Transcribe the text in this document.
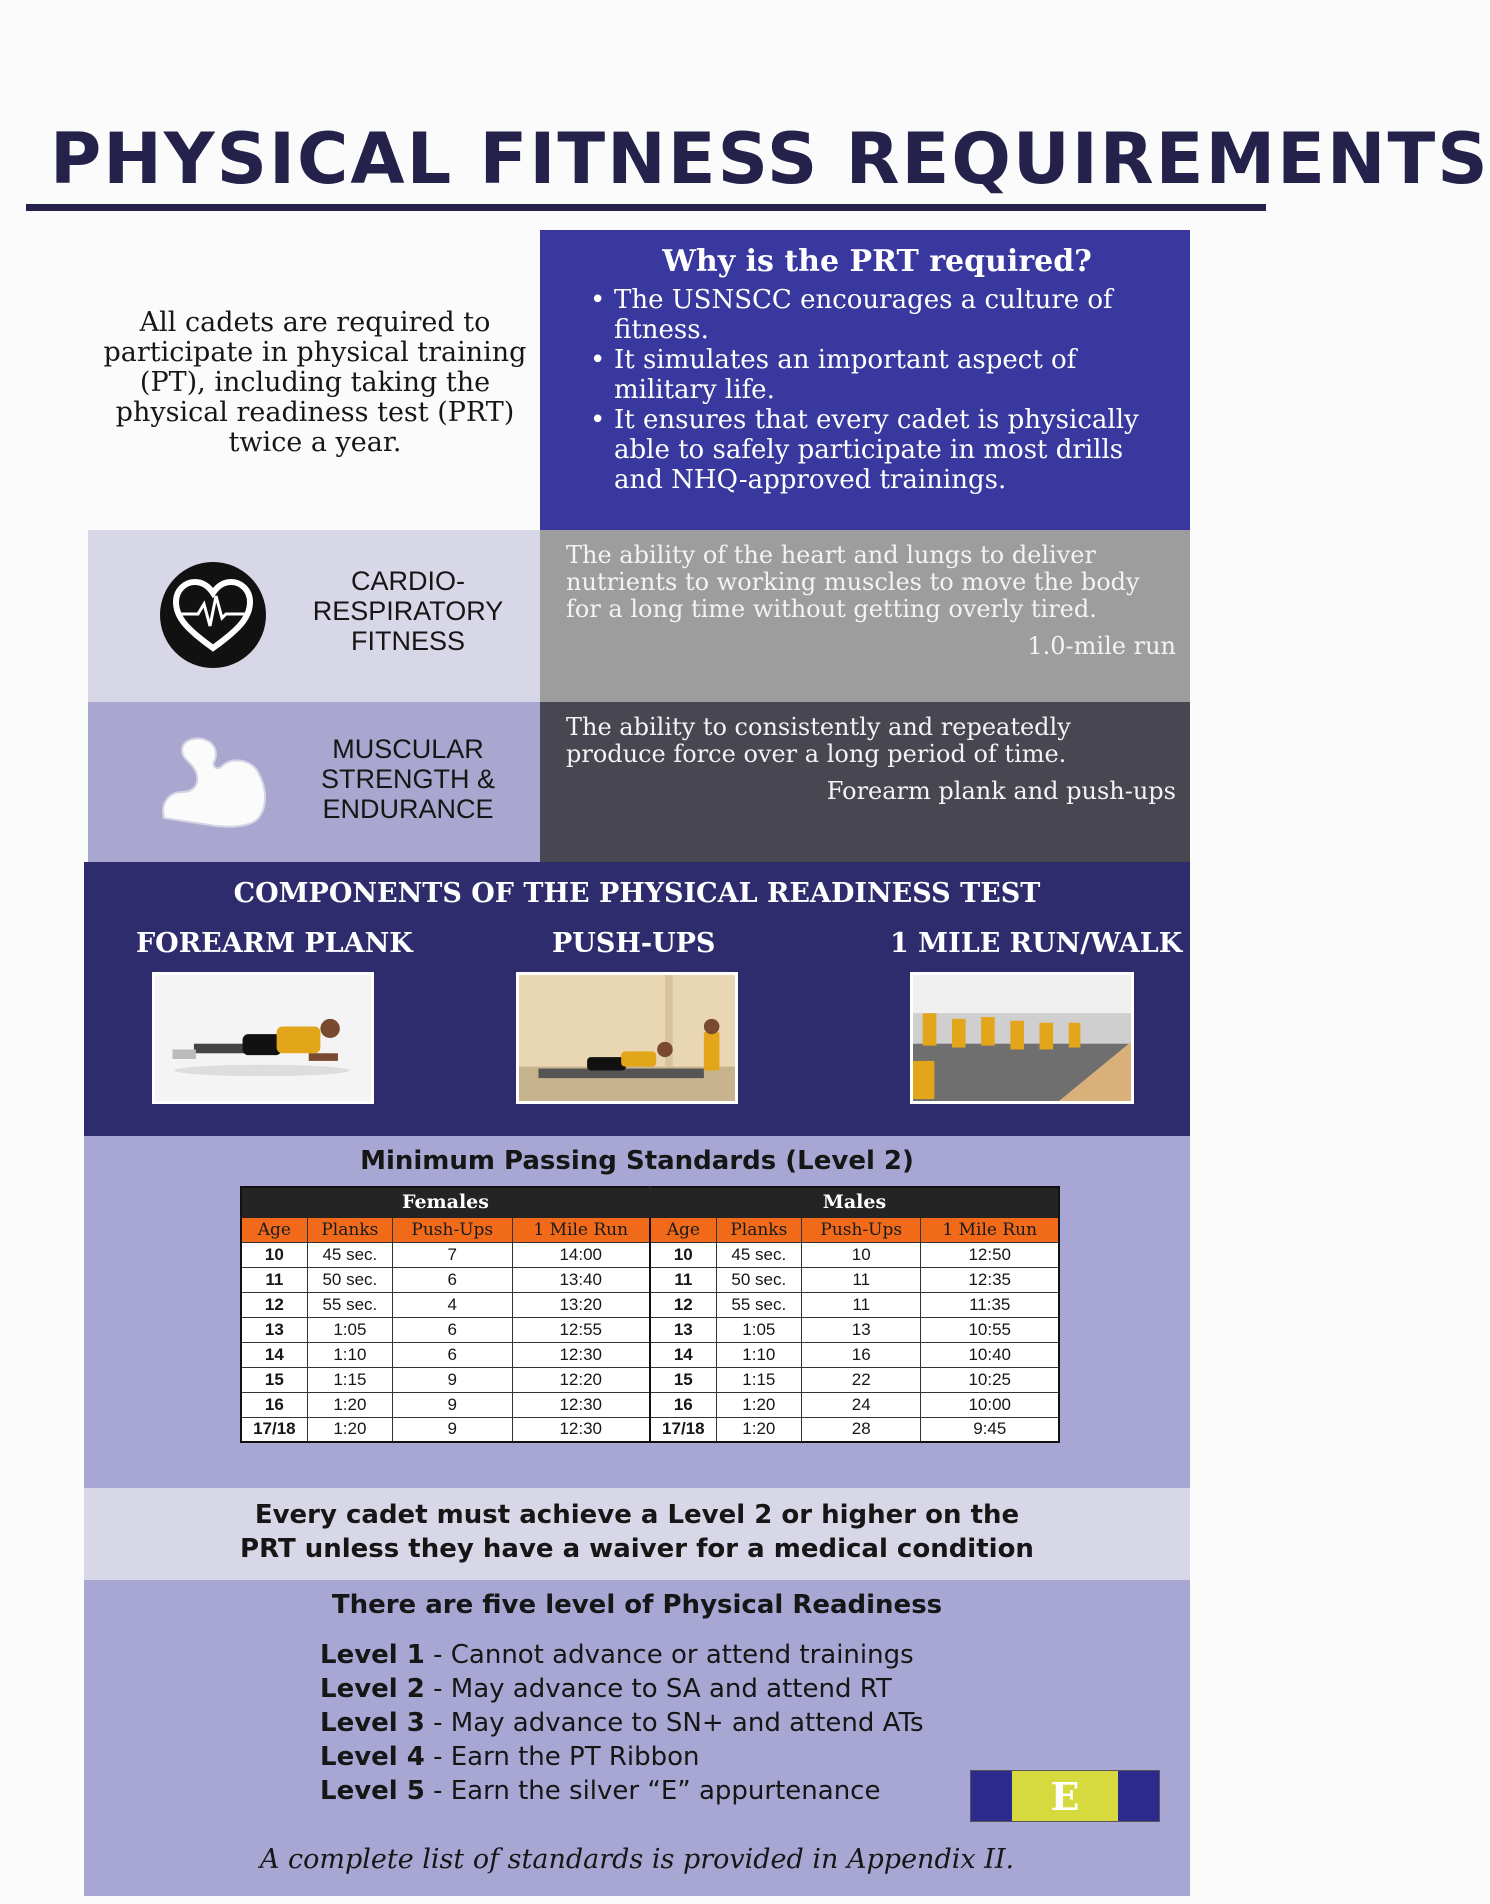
PHYSICAL FITNESS REQUIREMENTS
All cadets are required to participate in physical training (PT), including taking the physical readiness test (PRT) twice a year.
Why is the PRT required?
• The USNSCC encourages a culture of fitness.
• It simulates an important aspect of military life.
• It ensures that every cadet is physically able to safely participate in most drills and NHQ-approved trainings.
CARDIO-RESPIRATORY FITNESS
The ability of the heart and lungs to deliver nutrients to working muscles to move the body for a long time without getting overly tired.
1.0-mile run
MUSCULAR STRENGTH & ENDURANCE
The ability to consistently and repeatedly produce force over a long period of time.
Forearm plank and push-ups
COMPONENTS OF THE PHYSICAL READINESS TEST
FOREARM PLANK	PUSH-UPS	1 MILE RUN/WALK
Minimum Passing Standards (Level 2)
Females				Males			
Age	Planks	Push-Ups	1 Mile Run	Age	Planks	Push-Ups	1 Mile Run
10	45 sec.	7	14:00	10	45 sec.	10	12:50
11	50 sec.	6	13:40	11	50 sec.	11	12:35
12	55 sec.	4	13:20	12	55 sec.	11	11:35
13	1:05	6	12:55	13	1:05	13	10:55
14	1:10	6	12:30	14	1:10	16	10:40
15	1:15	9	12:20	15	1:15	22	10:25
16	1:20	9	12:30	16	1:20	24	10:00
17/18	1:20	9	12:30	17/18	1:20	28	9:45
Every cadet must achieve a Level 2 or higher on the
PRT unless they have a waiver for a medical condition
There are five level of Physical Readiness
Level 1 - Cannot advance or attend trainings
Level 2 - May advance to SA and attend RT
Level 3 - May advance to SN+ and attend ATs
Level 4 - Earn the PT Ribbon
Level 5 - Earn the silver “E” appurtenance	E
A complete list of standards is provided in Appendix II.
